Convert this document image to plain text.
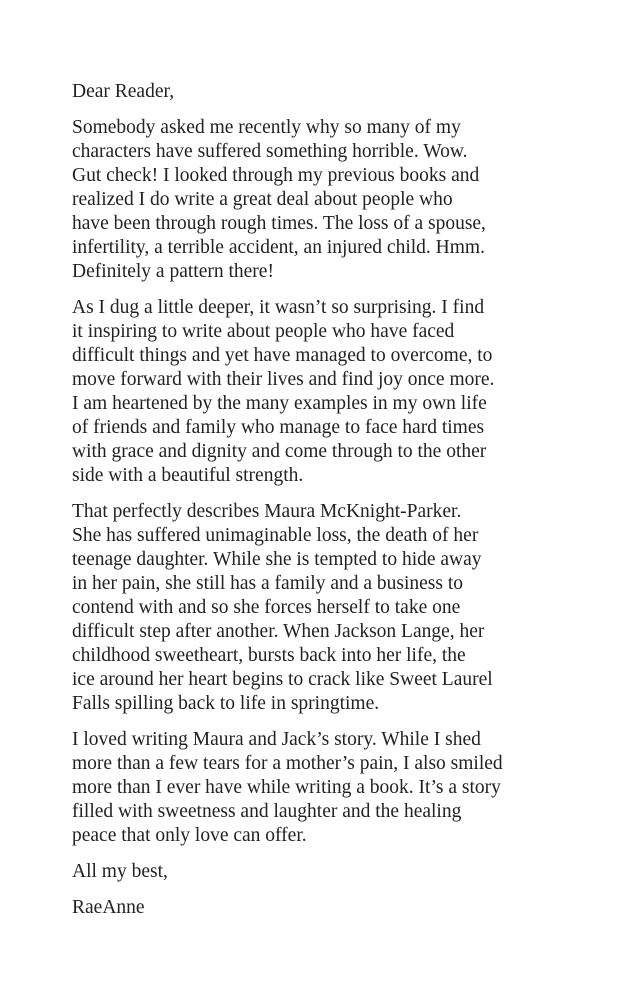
Dear Reader,

Somebody asked me recently why so many of my
characters have suffered something horrible. Wow.
Gut check! I looked through my previous books and
realized I do write a great deal about people who
have been through rough times. The loss of a spouse,
infertility, a terrible accident, an injured child. Hmm.
Definitely a pattern there!

As I dug a little deeper, it wasn’t so surprising. I find
it inspiring to write about people who have faced
difficult things and yet have managed to overcome, to
move forward with their lives and find joy once more.
I am heartened by the many examples in my own life
of friends and family who manage to face hard times
with grace and dignity and come through to the other
side with a beautiful strength.

That perfectly describes Maura McKnight-Parker.
She has suffered unimaginable loss, the death of her
teenage daughter. While she is tempted to hide away
in her pain, she still has a family and a business to
contend with and so she forces herself to take one
difficult step after another. When Jackson Lange, her
childhood sweetheart, bursts back into her life, the
ice around her heart begins to crack like Sweet Laurel
Falls spilling back to life in springtime.

I loved writing Maura and Jack’s story. While I shed
more than a few tears for a mother’s pain, I also smiled
more than I ever have while writing a book. It’s a story
filled with sweetness and laughter and the healing
peace that only love can offer.

All my best,

RaeAnne
